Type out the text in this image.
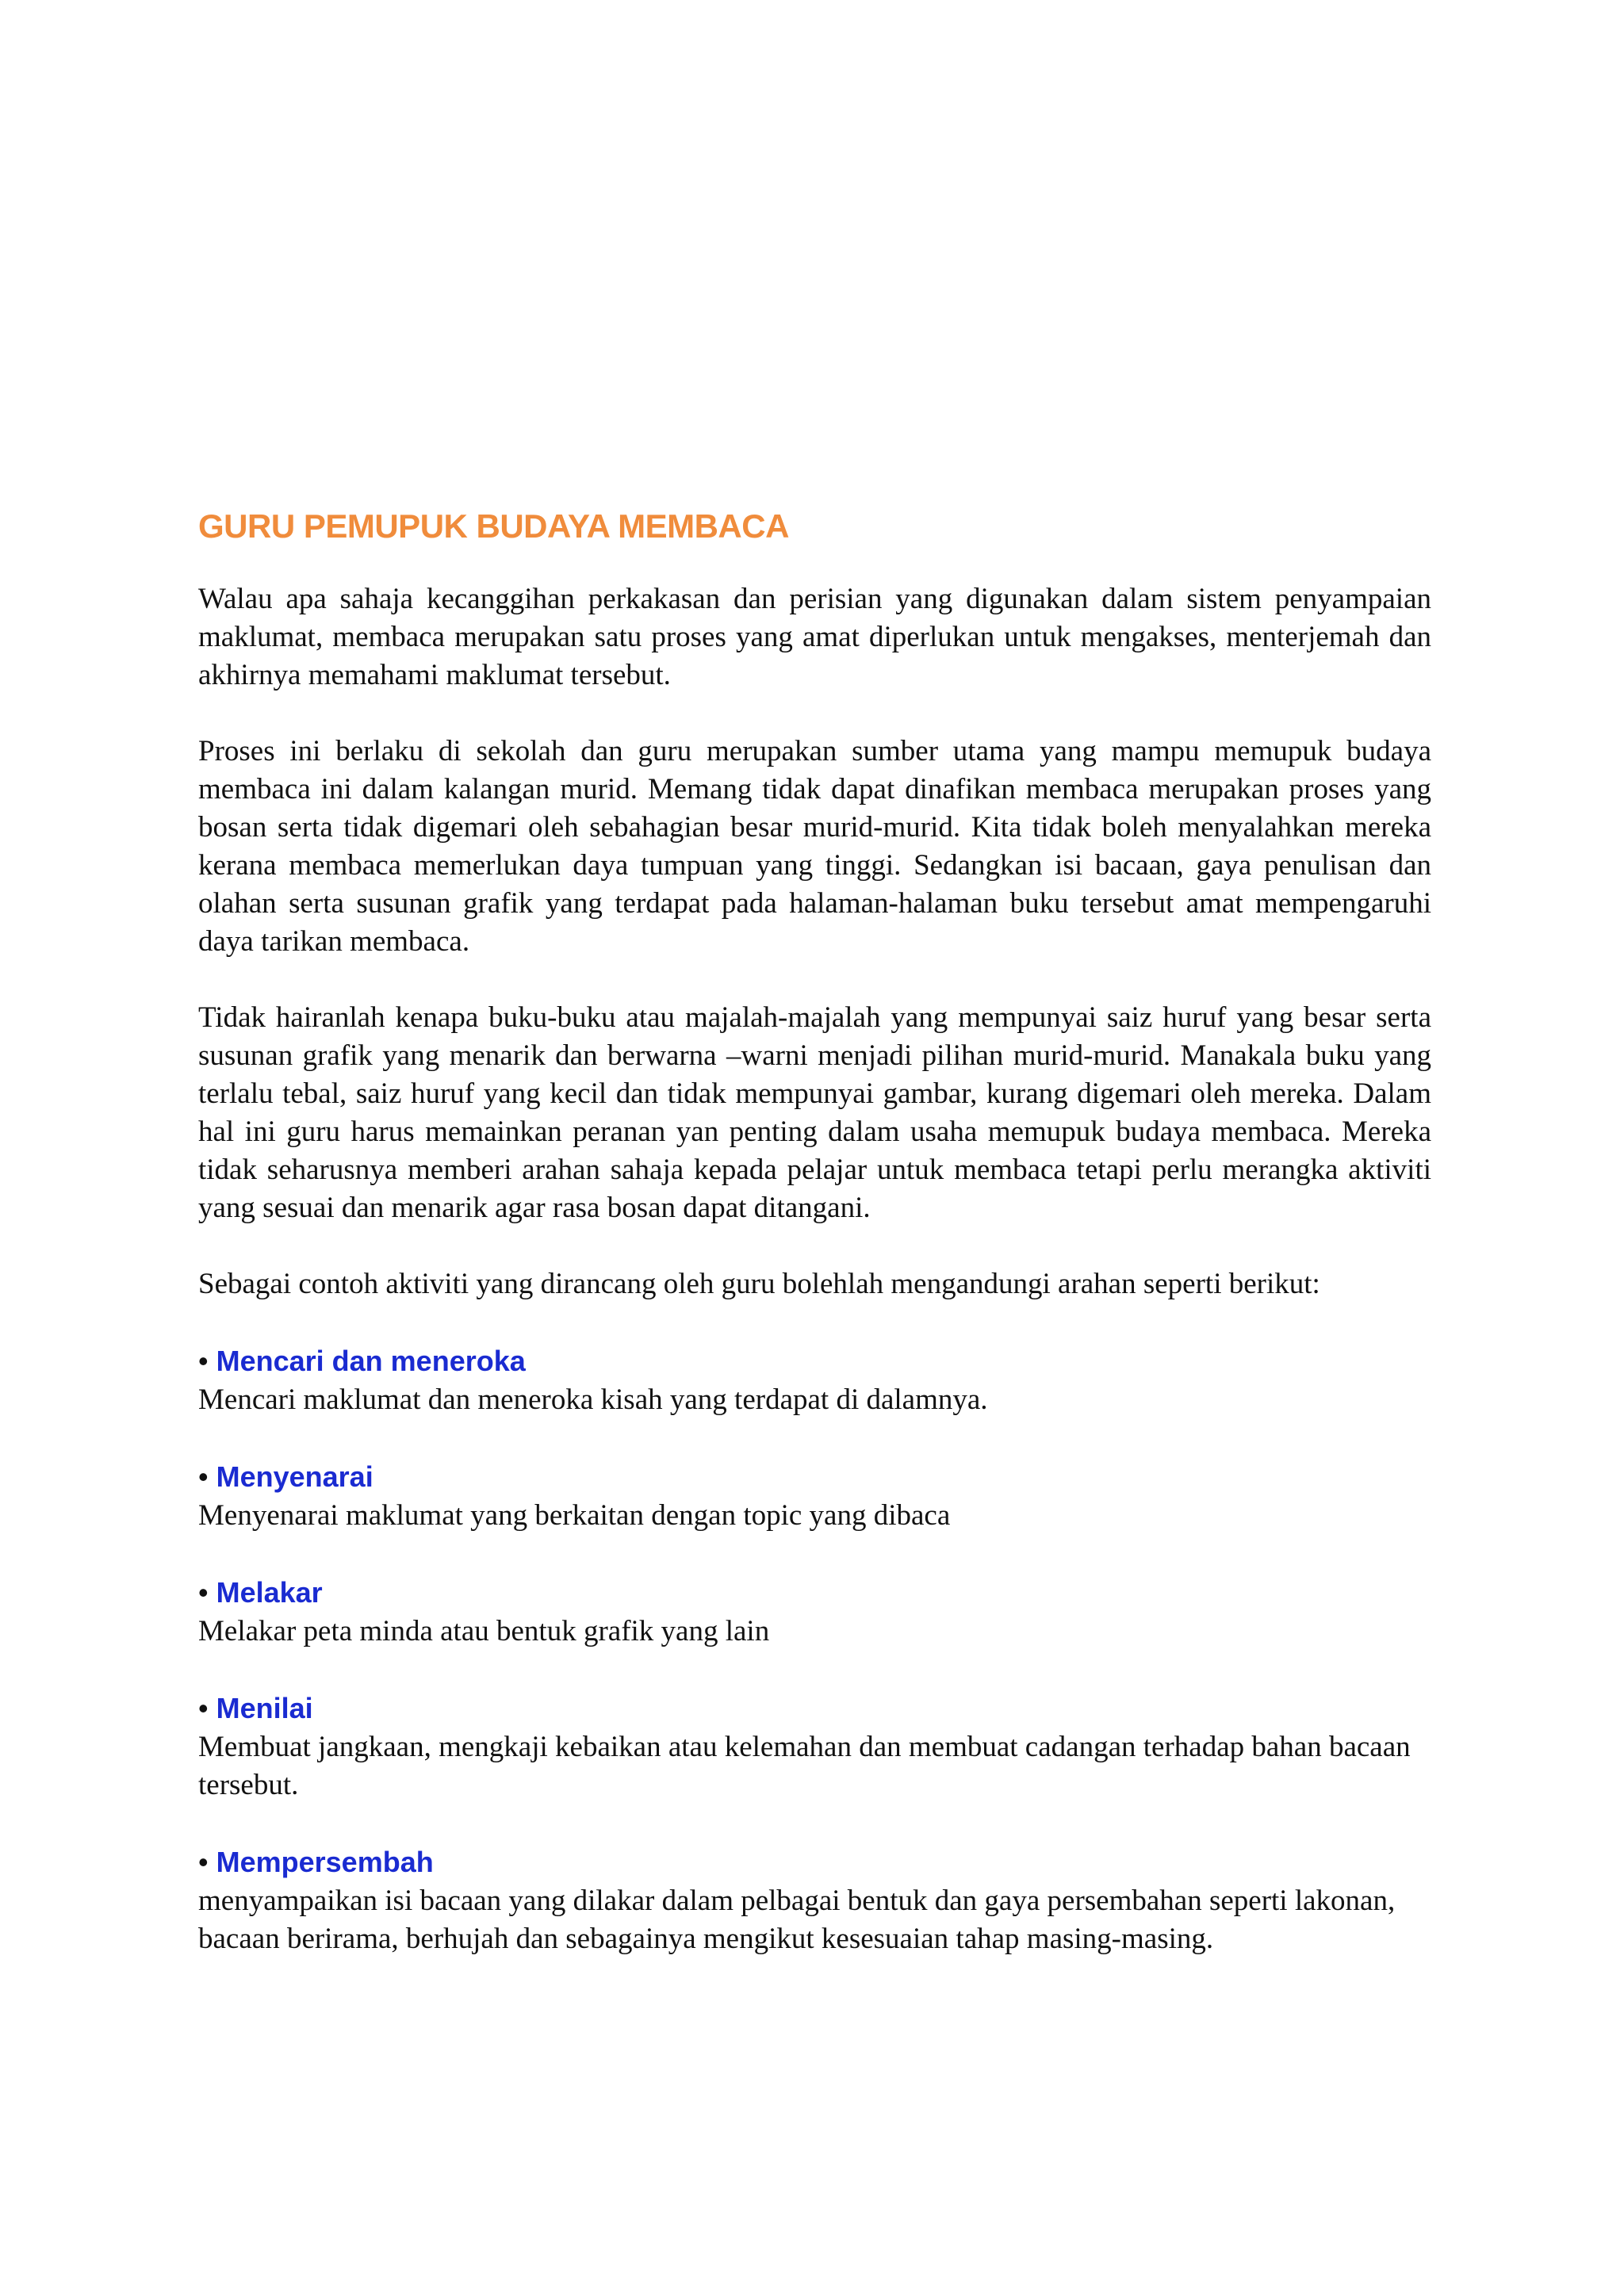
GURU PEMUPUK BUDAYA MEMBACA

Walau apa sahaja kecanggihan perkakasan dan perisian yang digunakan dalam sistem penyampaian maklumat, membaca merupakan satu proses yang amat diperlukan untuk mengakses, menterjemah dan akhirnya memahami maklumat tersebut.

Proses ini berlaku di sekolah dan guru merupakan sumber utama yang mampu memupuk budaya membaca ini dalam kalangan murid. Memang tidak dapat dinafikan membaca merupakan proses yang bosan serta tidak digemari oleh sebahagian besar murid-murid. Kita tidak boleh menyalahkan mereka kerana membaca memerlukan daya tumpuan yang tinggi. Sedangkan isi bacaan, gaya penulisan dan olahan serta susunan grafik yang terdapat pada halaman-halaman buku tersebut amat mempengaruhi daya tarikan membaca.

Tidak hairanlah kenapa buku-buku atau majalah-majalah yang mempunyai saiz huruf yang besar serta susunan grafik yang menarik dan berwarna –warni menjadi pilihan murid-murid. Manakala buku yang terlalu tebal, saiz huruf yang kecil dan tidak mempunyai gambar, kurang digemari oleh mereka. Dalam hal ini guru harus memainkan peranan yan penting dalam usaha memupuk budaya membaca. Mereka tidak seharusnya memberi arahan sahaja kepada pelajar untuk membaca tetapi perlu merangka aktiviti yang sesuai dan menarik agar rasa bosan dapat ditangani.

Sebagai contoh aktiviti yang dirancang oleh guru bolehlah mengandungi arahan seperti berikut:

• Mencari dan meneroka
Mencari maklumat dan meneroka kisah yang terdapat di dalamnya.
• Menyenarai
Menyenarai maklumat yang berkaitan dengan topic yang dibaca
• Melakar
Melakar peta minda atau bentuk grafik yang lain
• Menilai
Membuat jangkaan, mengkaji kebaikan atau kelemahan dan membuat cadangan terhadap bahan bacaan tersebut.
• Mempersembah
menyampaikan isi bacaan yang dilakar dalam pelbagai bentuk dan gaya persembahan seperti lakonan, bacaan berirama, berhujah dan sebagainya mengikut kesesuaian tahap masing-masing.
